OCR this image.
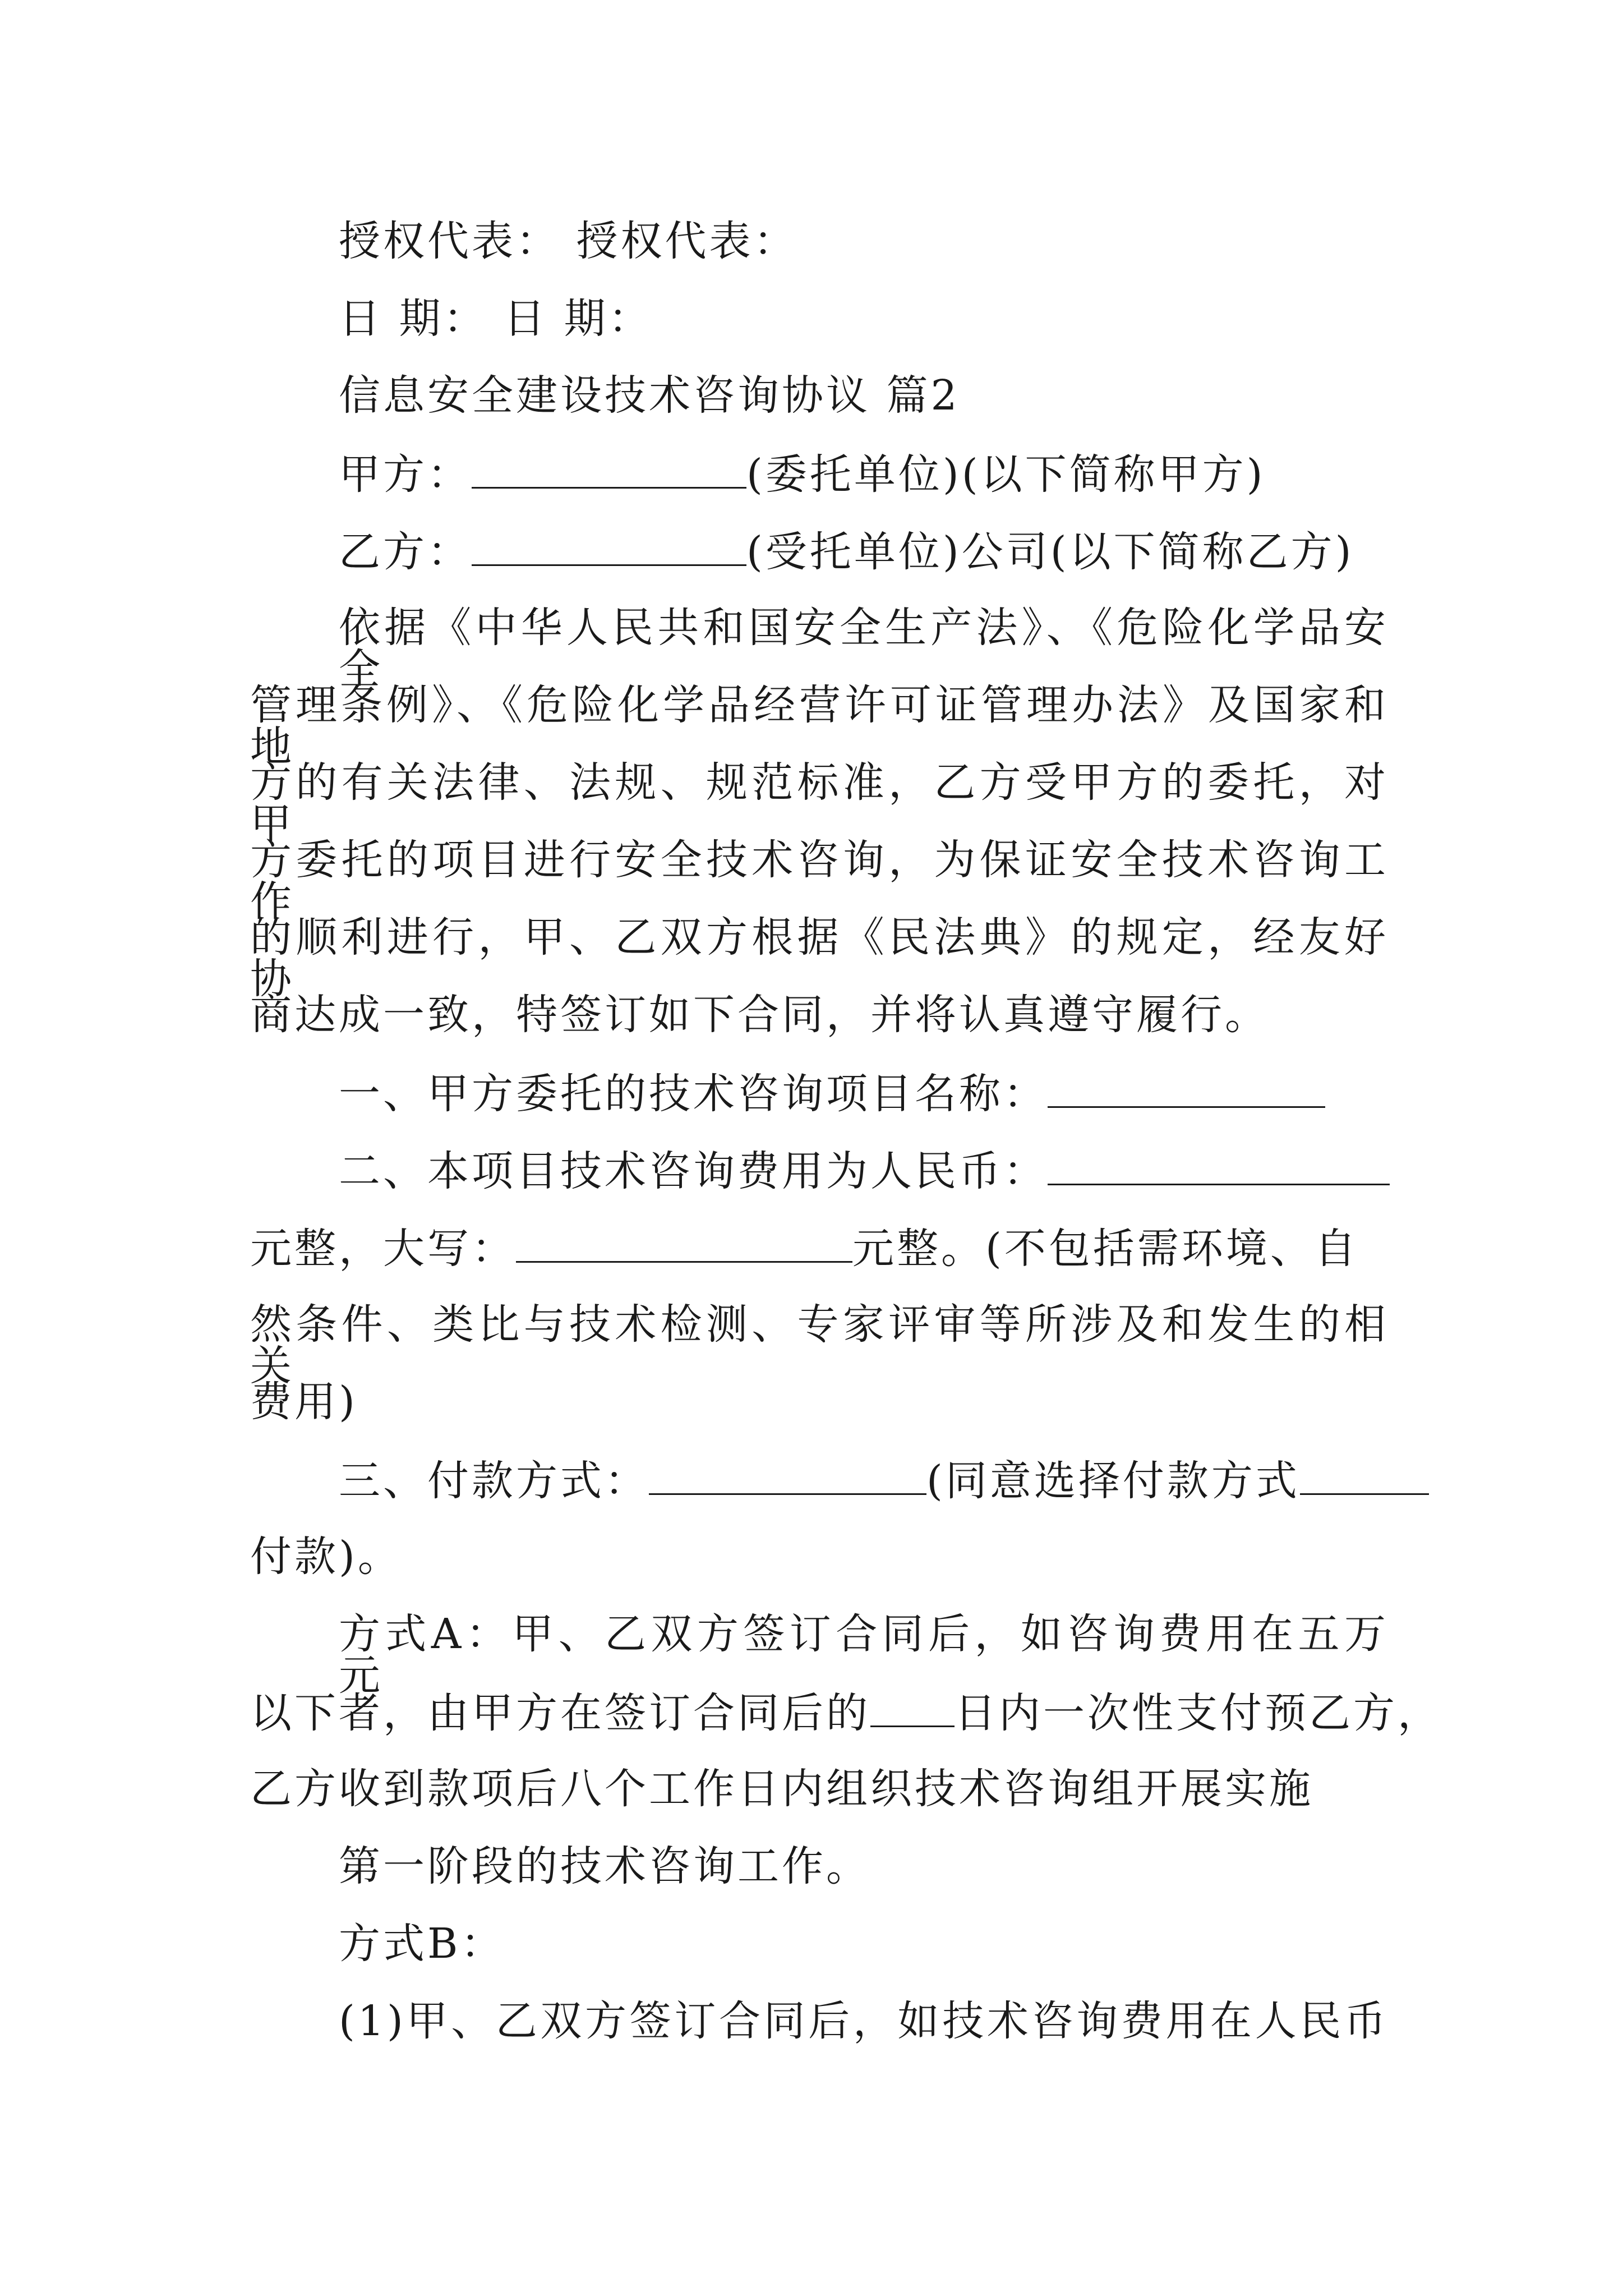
授权代表： 授权代表：
日 期： 日 期：
信息安全建设技术咨询协议 篇2
甲方：	(委托单位)(以下简称甲方)
乙方：	(受托单位)公司(以下简称乙方)
依据《中华人民共和国安全生产法》、《危险化学品安全
管理条例》、《危险化学品经营许可证管理办法》及国家和地
方的有关法律、法规、规范标准，乙方受甲方的委托，对甲
方委托的项目进行安全技术咨询，为保证安全技术咨询工作
的顺利进行，甲、乙双方根据《民法典》的规定，经友好协
商达成一致，特签订如下合同，并将认真遵守履行。
一、甲方委托的技术咨询项目名称：
二、本项目技术咨询费用为人民币：
元整，大写：	元整。(不包括需环境、自
然条件、类比与技术检测、专家评审等所涉及和发生的相关
费用)
三、付款方式：	(同意选择付款方式
付款)。
方式A：甲、乙双方签订合同后，如咨询费用在五万元
以下者，由甲方在签订合同后的 日内一次性支付预乙方，
乙方收到款项后八个工作日内组织技术咨询组开展实施
第一阶段的技术咨询工作。
方式B：
(1)甲、乙双方签订合同后，如技术咨询费用在人民币
